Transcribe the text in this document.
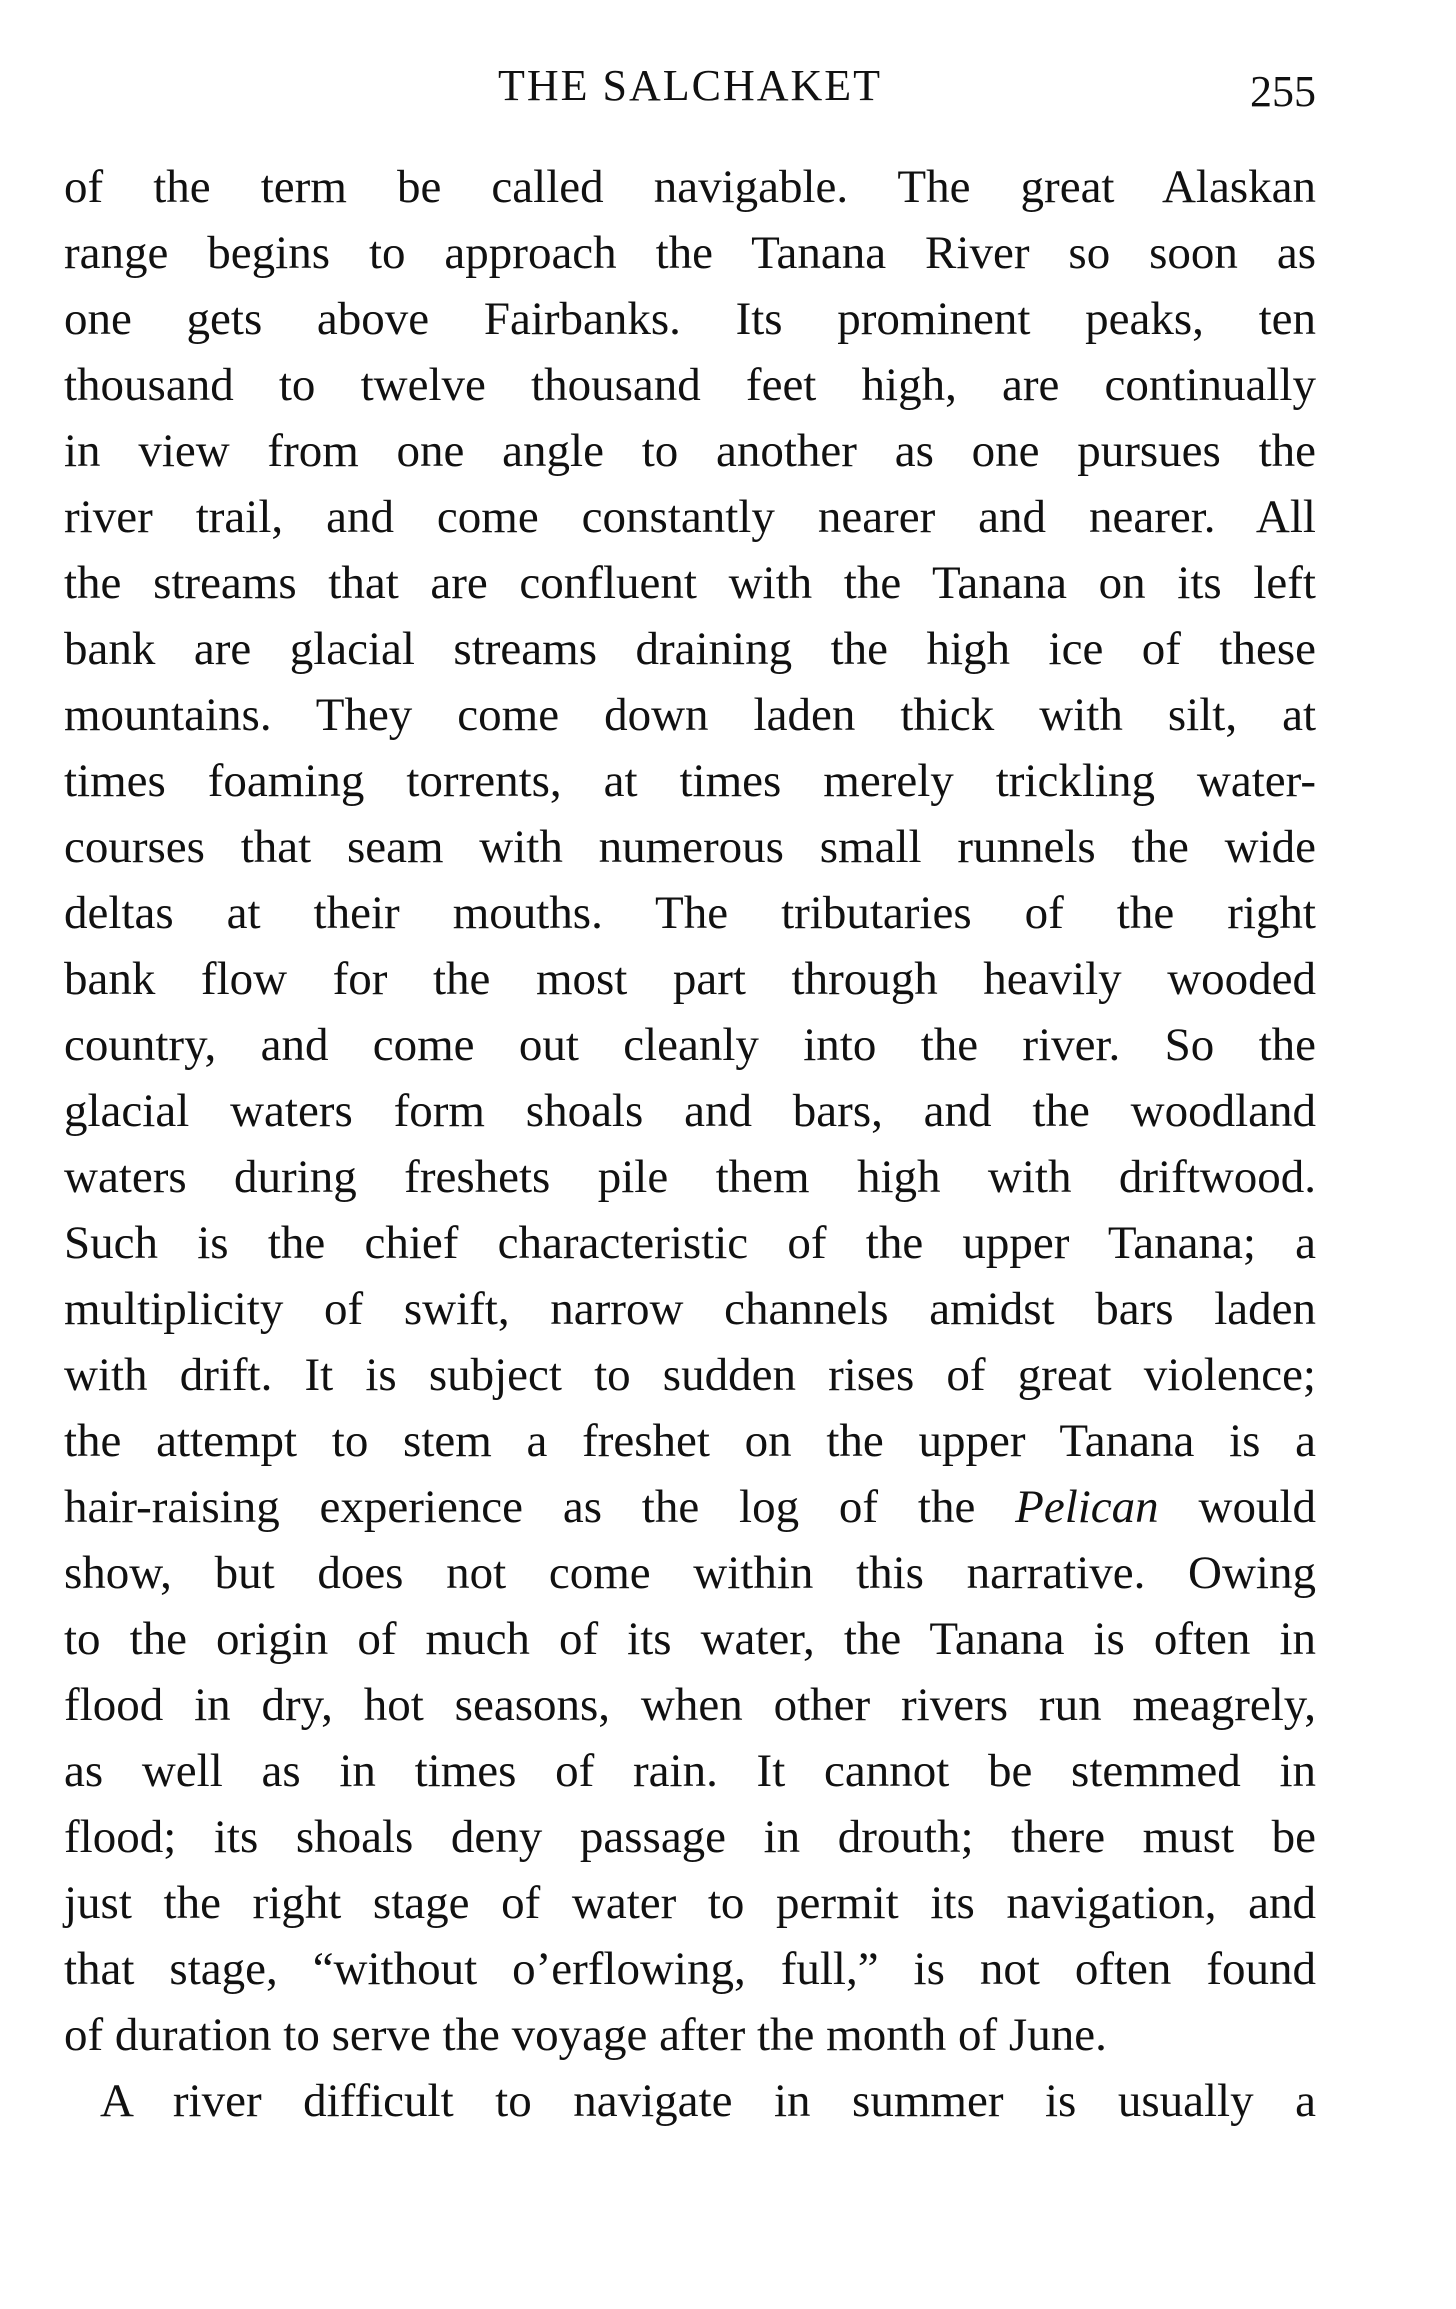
THE SALCHAKET	255
of the term be called navigable. The great Alaskan
range begins to approach the Tanana River so soon as
one gets above Fairbanks. Its prominent peaks, ten
thousand to twelve thousand feet high, are continually
in view from one angle to another as one pursues the
river trail, and come constantly nearer and nearer. All
the streams that are confluent with the Tanana on its left
bank are glacial streams draining the high ice of these
mountains. They come down laden thick with silt, at
times foaming torrents, at times merely trickling water-
courses that seam with numerous small runnels the wide
deltas at their mouths. The tributaries of the right
bank flow for the most part through heavily wooded
country, and come out cleanly into the river. So the
glacial waters form shoals and bars, and the woodland
waters during freshets pile them high with driftwood.
Such is the chief characteristic of the upper Tanana; a
multiplicity of swift, narrow channels amidst bars laden
with drift. It is subject to sudden rises of great violence;
the attempt to stem a freshet on the upper Tanana is a
hair-raising experience as the log of the Pelican would
show, but does not come within this narrative. Owing
to the origin of much of its water, the Tanana is often in
flood in dry, hot seasons, when other rivers run meagrely,
as well as in times of rain. It cannot be stemmed in
flood; its shoals deny passage in drouth; there must be
just the right stage of water to permit its navigation, and
that stage, “without o’erflowing, full,” is not often found
of duration to serve the voyage after the month of June.
A river difficult to navigate in summer is usually a
